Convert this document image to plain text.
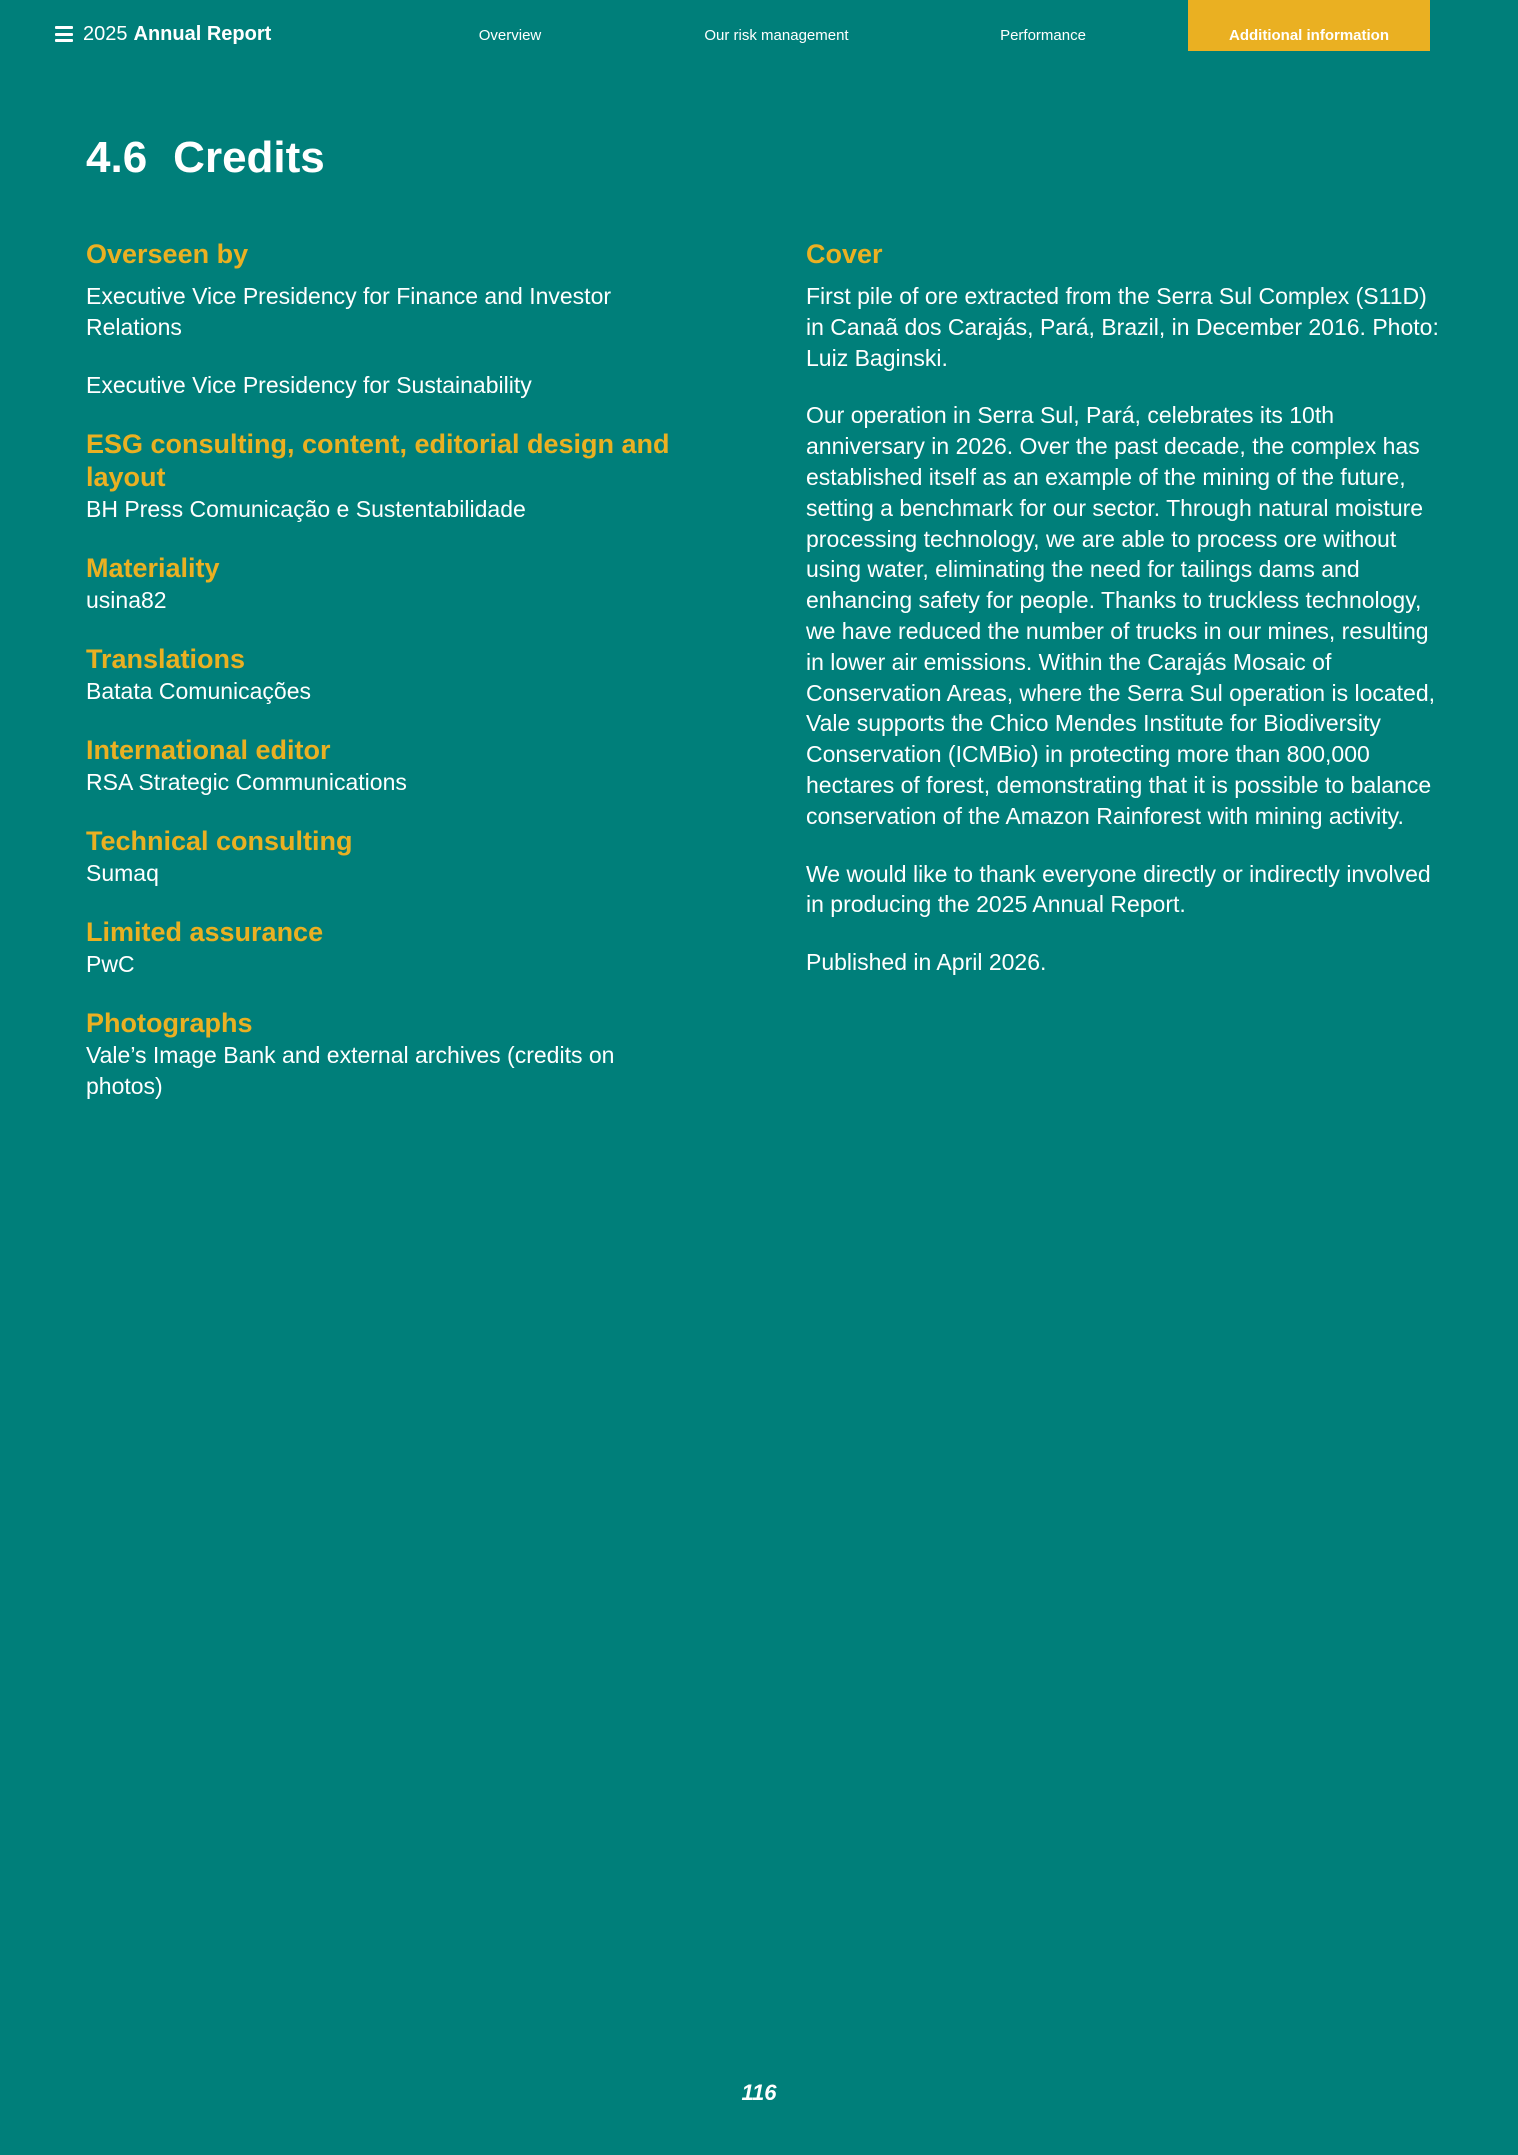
2025 Annual Report	Overview	Our risk management	Performance	Additional information
4.6 Credits

Overseen by

Executive Vice Presidency for Finance and Investor Relations

Executive Vice Presidency for Sustainability

ESG consulting, content, editorial design and layout

BH Press Comunicação e Sustentabilidade

Materiality

usina82

Translations

Batata Comunicações

International editor

RSA Strategic Communications

Technical consulting

Sumaq

Limited assurance

PwC

Photographs

Vale’s Image Bank and external archives (credits on photos)

Cover

First pile of ore extracted from the Serra Sul Complex (S11D) in Canaã dos Carajás, Pará, Brazil, in December 2016. Photo: Luiz Baginski.

Our operation in Serra Sul, Pará, celebrates its 10th anniversary in 2026. Over the past decade, the complex has established itself as an example of the mining of the future, setting a benchmark for our sector. Through natural moisture processing technology, we are able to process ore without using water, eliminating the need for tailings dams and enhancing safety for people. Thanks to truckless technology, we have reduced the number of trucks in our mines, resulting in lower air emissions. Within the Carajás Mosaic of Conservation Areas, where the Serra Sul operation is located, Vale supports the Chico Mendes Institute for Biodiversity Conservation (ICMBio) in protecting more than 800,000 hectares of forest, demonstrating that it is possible to balance conservation of the Amazon Rainforest with mining activity.

We would like to thank everyone directly or indirectly involved in producing the 2025 Annual Report.

Published in April 2026.

116
